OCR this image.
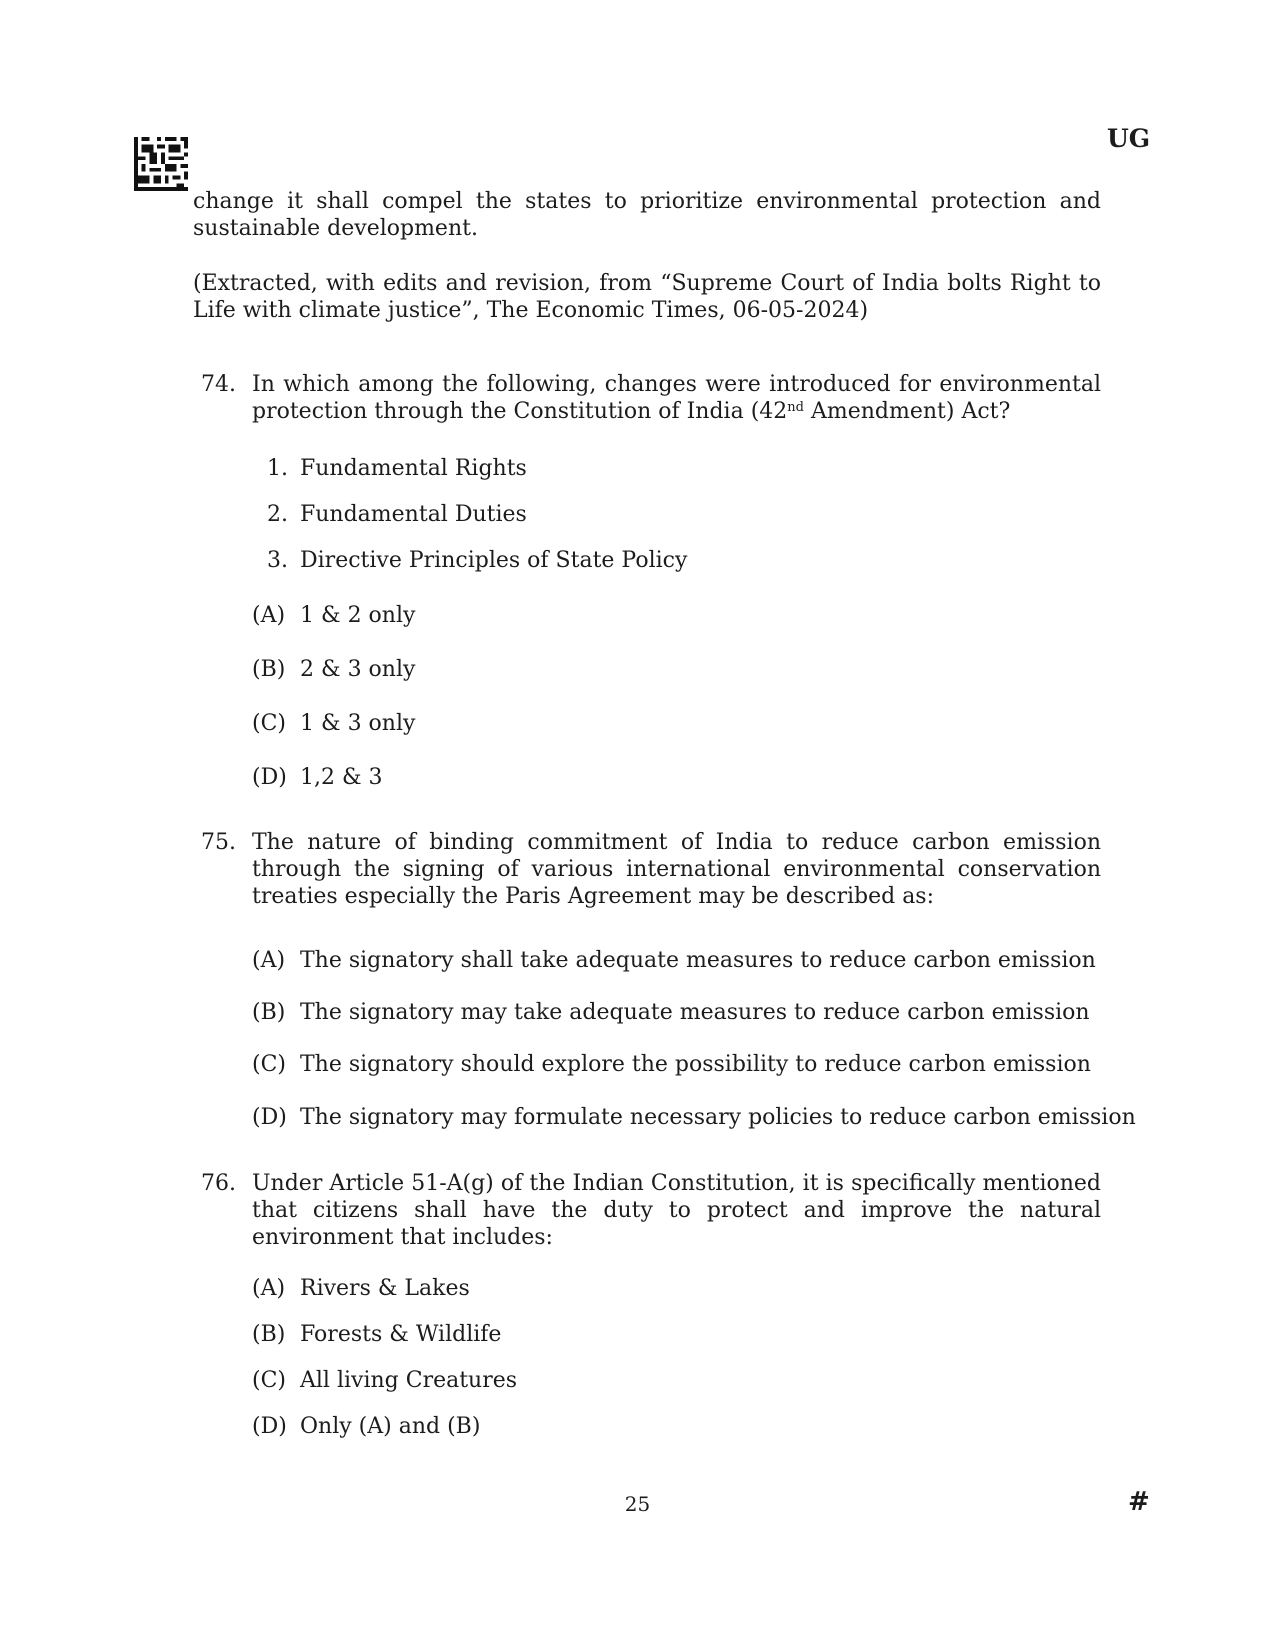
UG
change it shall compel the states to prioritize environmental protection and sustainable development.
(Extracted, with edits and revision, from “Supreme Court of India bolts Right to Life with climate justice”, The Economic Times, 06-05-2024)
74. In which among the following, changes were introduced for environmental protection through the Constitution of India (42nd Amendment) Act?
1. Fundamental Rights
2. Fundamental Duties
3. Directive Principles of State Policy
(A) 1 & 2 only
(B) 2 & 3 only
(C) 1 & 3 only
(D) 1,2 & 3
75. The nature of binding commitment of India to reduce carbon emission through the signing of various international environmental conservation treaties especially the Paris Agreement may be described as:
(A) The signatory shall take adequate measures to reduce carbon emission
(B) The signatory may take adequate measures to reduce carbon emission
(C) The signatory should explore the possibility to reduce carbon emission
(D) The signatory may formulate necessary policies to reduce carbon emission
76. Under Article 51-A(g) of the Indian Constitution, it is specifically mentioned that citizens shall have the duty to protect and improve the natural environment that includes:
(A) Rivers & Lakes
(B) Forests & Wildlife
(C) All living Creatures
(D) Only (A) and (B)
25	#
